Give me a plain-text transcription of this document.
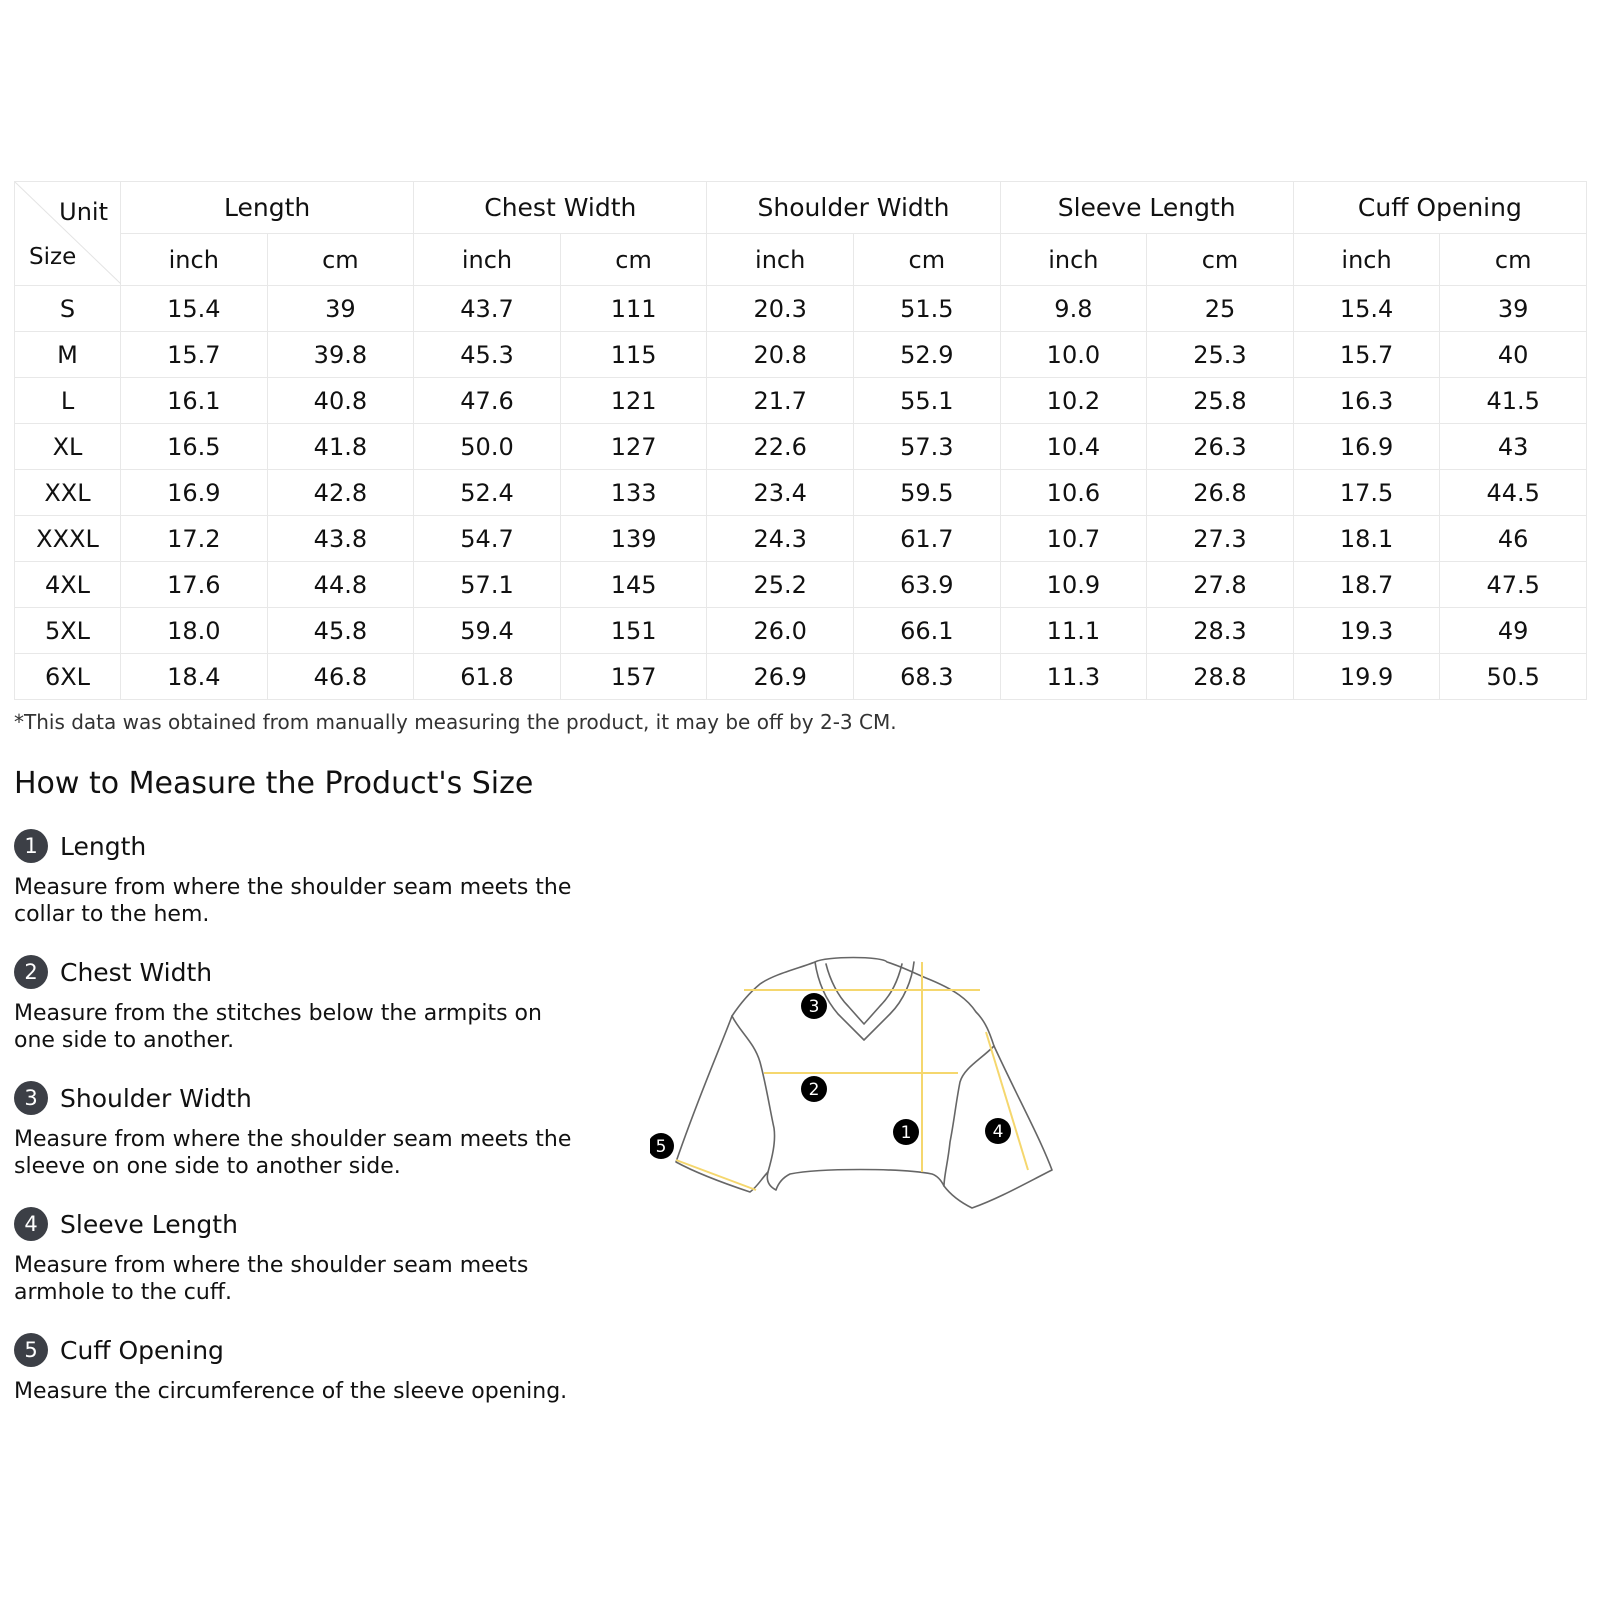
Unit
Size	Length		Chest Width		Shoulder Width		Sleeve Length		Cuff Opening	
	inch	cm	inch	cm	inch	cm	inch	cm	inch	cm
S	15.4	39	43.7	111	20.3	51.5	9.8	25	15.4	39
M	15.7	39.8	45.3	115	20.8	52.9	10.0	25.3	15.7	40
L	16.1	40.8	47.6	121	21.7	55.1	10.2	25.8	16.3	41.5
XL	16.5	41.8	50.0	127	22.6	57.3	10.4	26.3	16.9	43
XXL	16.9	42.8	52.4	133	23.4	59.5	10.6	26.8	17.5	44.5
XXXL	17.2	43.8	54.7	139	24.3	61.7	10.7	27.3	18.1	46
4XL	17.6	44.8	57.1	145	25.2	63.9	10.9	27.8	18.7	47.5
5XL	18.0	45.8	59.4	151	26.0	66.1	11.1	28.3	19.3	49
6XL	18.4	46.8	61.8	157	26.9	68.3	11.3	28.8	19.9	50.5
*This data was obtained from manually measuring the product, it may be off by 2-3 CM.
How to Measure the Product's Size
1 Length
Measure from where the shoulder seam meets the collar to the hem.
2 Chest Width
Measure from the stitches below the armpits on one side to another.
3 Shoulder Width
Measure from where the shoulder seam meets the sleeve on one side to another side.
4 Sleeve Length
Measure from where the shoulder seam meets armhole to the cuff.
5 Cuff Opening
Measure the circumference of the sleeve opening.
3
2
1	4
5
